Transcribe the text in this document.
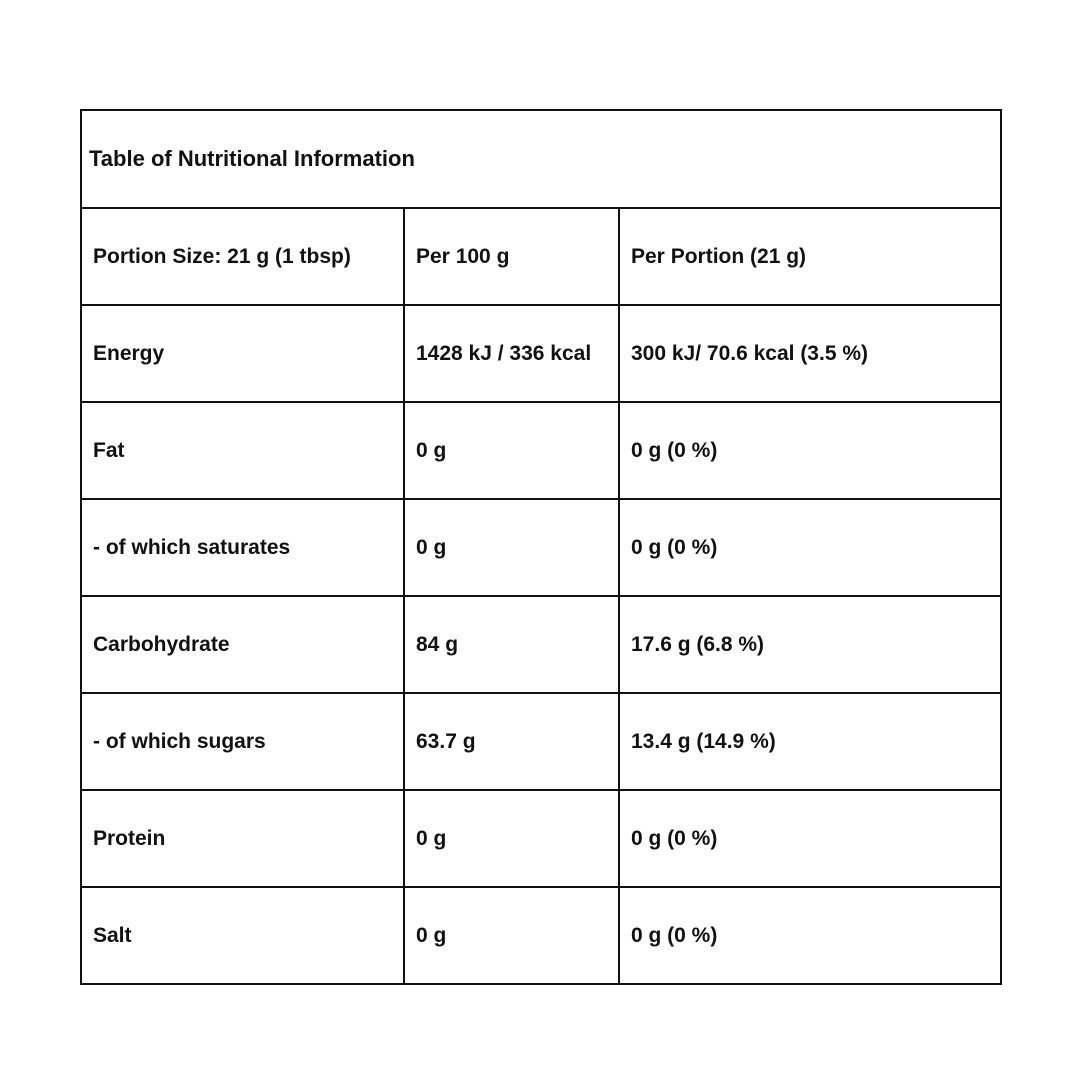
Table of Nutritional Information		
Portion Size: 21 g (1 tbsp)	Per 100 g	Per Portion (21 g)
Energy	1428 kJ / 336 kcal	300 kJ/ 70.6 kcal (3.5 %)
Fat	0 g	0 g (0 %)
- of which saturates	0 g	0 g (0 %)
Carbohydrate	84 g	17.6 g (6.8 %)
- of which sugars	63.7 g	13.4 g (14.9 %)
Protein	0 g	0 g (0 %)
Salt	0 g	0 g (0 %)
